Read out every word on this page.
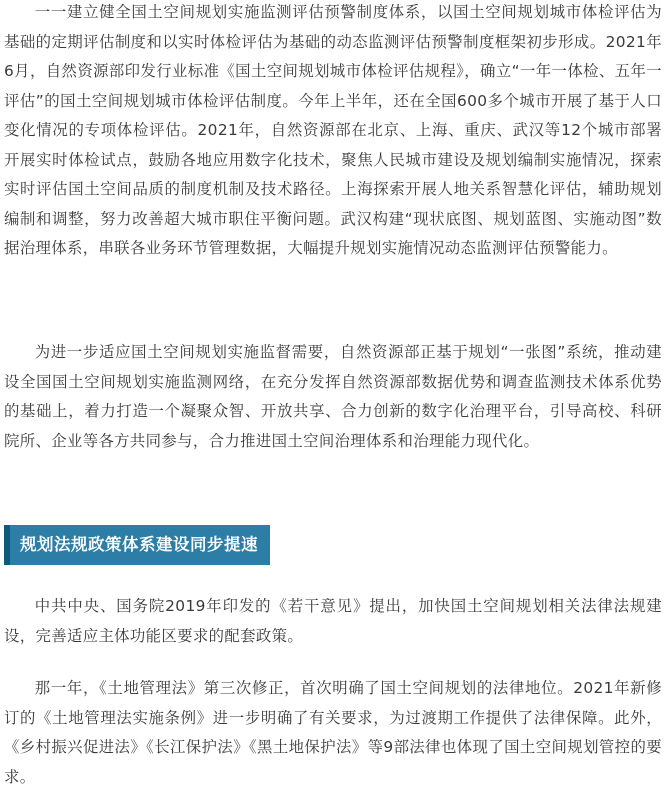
一一建立健全国土空间规划实施监测评估预警制度体系，以国土空间规划城市体检评估为基础的定期评估制度和以实时体检评估为基础的动态监测评估预警制度框架初步形成。2021年6月，自然资源部印发行业标准《国土空间规划城市体检评估规程》，确立“一年一体检、五年一评估”的国土空间规划城市体检评估制度。今年上半年，还在全国600多个城市开展了基于人口变化情况的专项体检评估。2021年，自然资源部在北京、上海、重庆、武汉等12个城市部署开展实时体检试点，鼓励各地应用数字化技术，聚焦人民城市建设及规划编制实施情况，探索实时评估国土空间品质的制度机制及技术路径。上海探索开展人地关系智慧化评估，辅助规划编制和调整，努力改善超大城市职住平衡问题。武汉构建“现状底图、规划蓝图、实施动图”数据治理体系，串联各业务环节管理数据，大幅提升规划实施情况动态监测评估预警能力。

为进一步适应国土空间规划实施监督需要，自然资源部正基于规划“一张图”系统，推动建设全国国土空间规划实施监测网络，在充分发挥自然资源部数据优势和调查监测技术体系优势的基础上，着力打造一个凝聚众智、开放共享、合力创新的数字化治理平台，引导高校、科研院所、企业等各方共同参与，合力推进国土空间治理体系和治理能力现代化。

规划法规政策体系建设同步提速

中共中央、国务院2019年印发的《若干意见》提出，加快国土空间规划相关法律法规建设，完善适应主体功能区要求的配套政策。

那一年，《土地管理法》第三次修正，首次明确了国土空间规划的法律地位。2021年新修订的《土地管理法实施条例》进一步明确了有关要求，为过渡期工作提供了法律保障。此外，《乡村振兴促进法》《长江保护法》《黑土地保护法》等9部法律也体现了国土空间规划管控的要求。
